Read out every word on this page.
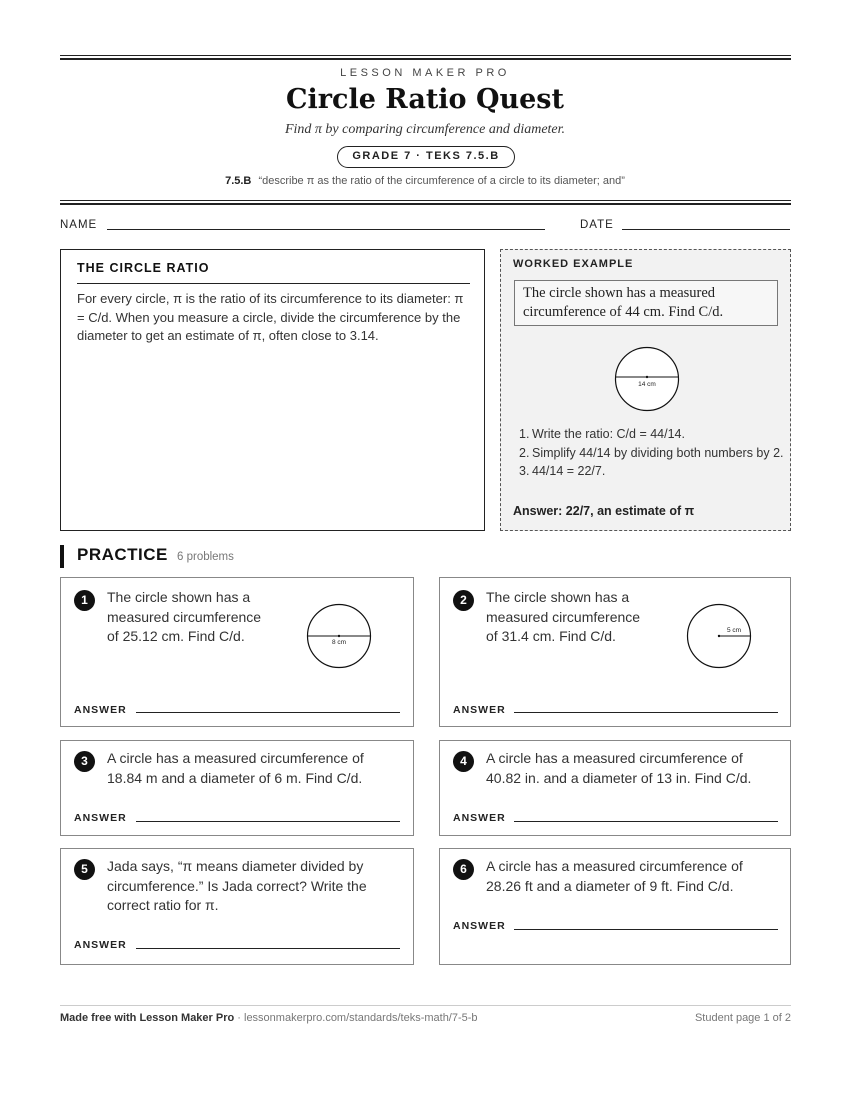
LESSON MAKER PRO
Circle Ratio Quest
Find π by comparing circumference and diameter.
GRADE 7 · TEKS 7.5.B
7.5.B “describe π as the ratio of the circumference of a circle to its diameter; and”
NAME	DATE
THE CIRCLE RATIO

For every circle, π is the ratio of its circumference to its diameter: π = C/d. When you measure a circle, divide the circumference by the diameter to get an estimate of π, often close to 3.14.

WORKED EXAMPLE
The circle shown has a measured circumference of 44 cm. Find C/d.
14 cm
1. Write the ratio: C/d = 44/14.
2. Simplify 44/14 by dividing both numbers by 2.
3. 44/14 = 22/7.
Answer: 22/7, an estimate of π
PRACTICE 6 problems
1	The circle shown has a measured circumference of 25.12 cm. Find C/d.	8 cm
ANSWER
2	The circle shown has a measured circumference of 31.4 cm. Find C/d.	5 cm
ANSWER
3	A circle has a measured circumference of 18.84 m and a diameter of 6 m. Find C/d.
ANSWER
4	A circle has a measured circumference of 40.82 in. and a diameter of 13 in. Find C/d.
ANSWER
5	Jada says, “π means diameter divided by circumference.” Is Jada correct? Write the correct ratio for π.
ANSWER
6	A circle has a measured circumference of 28.26 ft and a diameter of 9 ft. Find C/d.
ANSWER
Made free with Lesson Maker Pro · lessonmakerpro.com/standards/teks-math/7-5-b	Student page 1 of 2
